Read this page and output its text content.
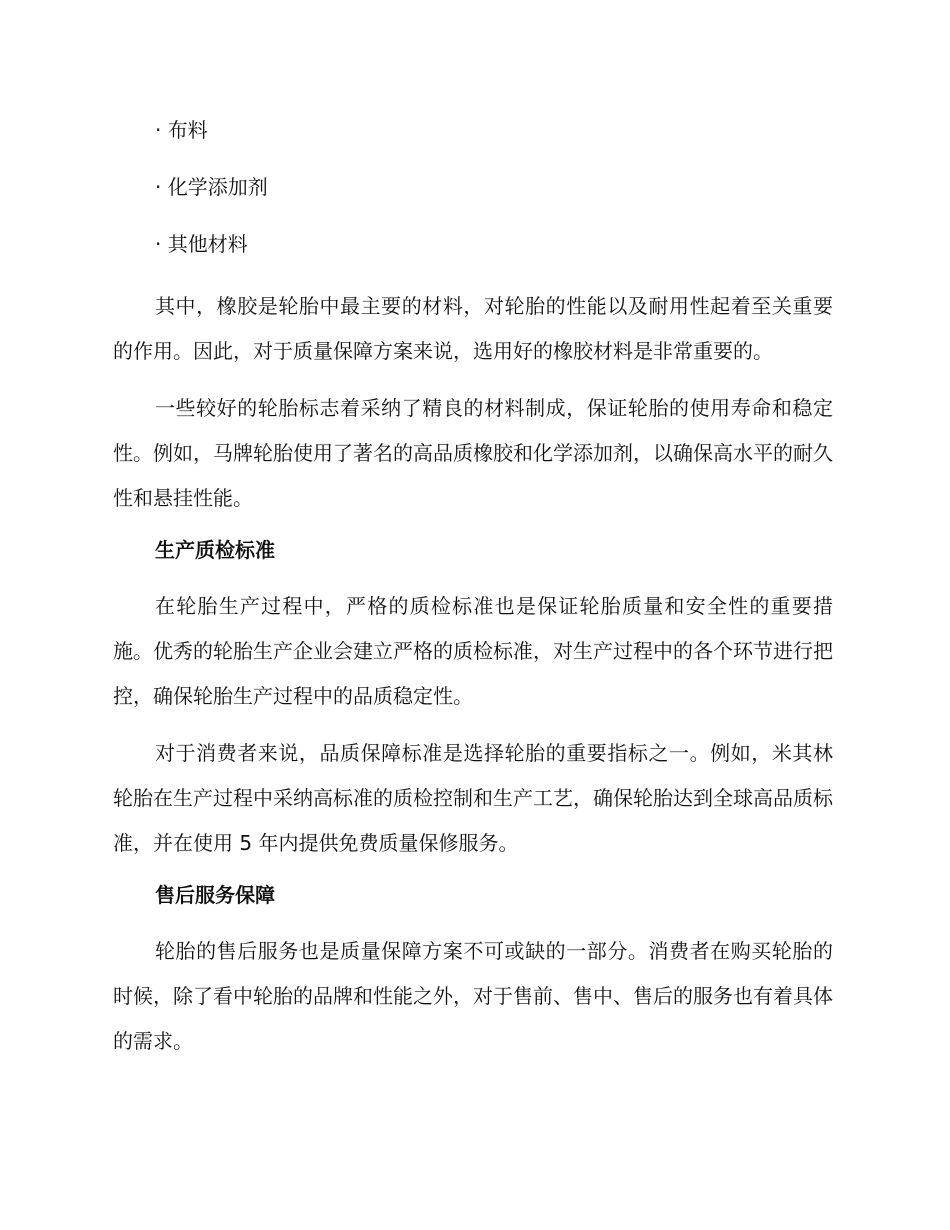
· 布料
· 化学添加剂
· 其他材料

其中，橡胶是轮胎中最主要的材料，对轮胎的性能以及耐用性起着至关重要的作用。因此，对于质量保障方案来说，选用好的橡胶材料是非常重要的。

一些较好的轮胎标志着采纳了精良的材料制成，保证轮胎的使用寿命和稳定性。例如，马牌轮胎使用了著名的高品质橡胶和化学添加剂，以确保高水平的耐久性和悬挂性能。

生产质检标准

在轮胎生产过程中，严格的质检标准也是保证轮胎质量和安全性的重要措施。优秀的轮胎生产企业会建立严格的质检标准，对生产过程中的各个环节进行把控，确保轮胎生产过程中的品质稳定性。

对于消费者来说，品质保障标准是选择轮胎的重要指标之一。例如，米其林轮胎在生产过程中采纳高标准的质检控制和生产工艺，确保轮胎达到全球高品质标准，并在使用 5 年内提供免费质量保修服务。

售后服务保障

轮胎的售后服务也是质量保障方案不可或缺的一部分。消费者在购买轮胎的时候，除了看中轮胎的品牌和性能之外，对于售前、售中、售后的服务也有着具体的需求。
